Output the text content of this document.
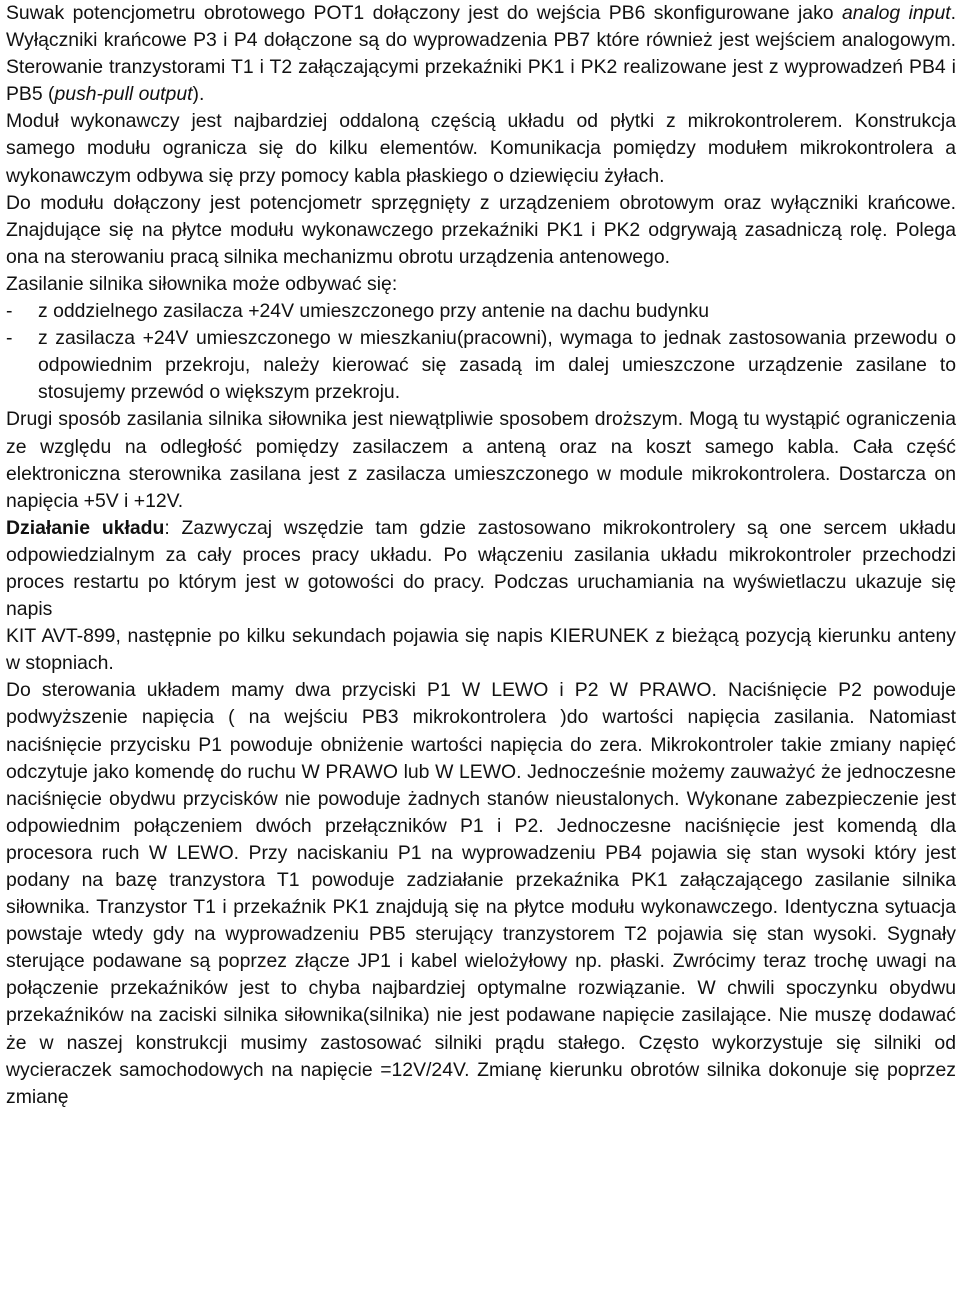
Suwak potencjometru obrotowego POT1 dołączony jest do wejścia PB6 skonfigurowane jako analog input. Wyłączniki krańcowe P3 i P4 dołączone są do wyprowadzenia PB7 które również jest wejściem analogowym. Sterowanie tranzystorami T1 i T2 załączającymi przekaźniki PK1 i PK2 realizowane jest z wyprowadzeń PB4 i PB5 (push-pull output).

Moduł wykonawczy jest najbardziej oddaloną częścią układu od płytki z mikrokontrolerem. Konstrukcja samego modułu ogranicza się do kilku elementów. Komunikacja pomiędzy modułem mikrokontrolera a wykonawczym odbywa się przy pomocy kabla płaskiego o dziewięciu żyłach.

Do modułu dołączony jest potencjometr sprzęgnięty z urządzeniem obrotowym oraz wyłączniki krańcowe. Znajdujące się na płytce modułu wykonawczego przekaźniki PK1 i PK2 odgrywają zasadniczą rolę. Polega ona na sterowaniu pracą silnika mechanizmu obrotu urządzenia antenowego.

Zasilanie silnika siłownika może odbywać się:

- z oddzielnego zasilacza +24V umieszczonego przy antenie na dachu budynku
- z zasilacza +24V umieszczonego w mieszkaniu(pracowni), wymaga to jednak zastosowania przewodu o odpowiednim przekroju, należy kierować się zasadą im dalej umieszczone urządzenie zasilane to stosujemy przewód o większym przekroju.

Drugi sposób zasilania silnika siłownika jest niewątpliwie sposobem droższym. Mogą tu wystąpić ograniczenia ze względu na odległość pomiędzy zasilaczem a anteną oraz na koszt samego kabla. Cała część elektroniczna sterownika zasilana jest z zasilacza umieszczonego w module mikrokontrolera. Dostarcza on napięcia +5V i +12V.

Działanie układu: Zazwyczaj wszędzie tam gdzie zastosowano mikrokontrolery są one sercem układu odpowiedzialnym za cały proces pracy układu. Po włączeniu zasilania układu mikrokontroler przechodzi proces restartu po którym jest w gotowości do pracy. Podczas uruchamiania na wyświetlaczu ukazuje się napis

KIT AVT-899, następnie po kilku sekundach pojawia się napis KIERUNEK z bieżącą pozycją kierunku anteny w stopniach.

Do sterowania układem mamy dwa przyciski P1 W LEWO i P2 W PRAWO. Naciśnięcie P2 powoduje podwyższenie napięcia ( na wejściu PB3 mikrokontrolera )do wartości napięcia zasilania. Natomiast naciśnięcie przycisku P1 powoduje obniżenie wartości napięcia do zera. Mikrokontroler takie zmiany napięć odczytuje jako komendę do ruchu W PRAWO lub W LEWO. Jednocześnie możemy zauważyć że jednoczesne naciśnięcie obydwu przycisków nie powoduje żadnych stanów nieustalonych. Wykonane zabezpieczenie jest odpowiednim połączeniem dwóch przełączników P1 i P2. Jednoczesne naciśnięcie jest komendą dla procesora ruch W LEWO. Przy naciskaniu P1 na wyprowadzeniu PB4 pojawia się stan wysoki który jest podany na bazę tranzystora T1 powoduje zadziałanie przekaźnika PK1 załączającego zasilanie silnika siłownika. Tranzystor T1 i przekaźnik PK1 znajdują się na płytce modułu wykonawczego. Identyczna sytuacja powstaje wtedy gdy na wyprowadzeniu PB5 sterujący tranzystorem T2 pojawia się stan wysoki. Sygnały sterujące podawane są poprzez złącze JP1 i kabel wielożyłowy np. płaski. Zwrócimy teraz trochę uwagi na połączenie przekaźników jest to chyba najbardziej optymalne rozwiązanie. W chwili spoczynku obydwu przekaźników na zaciski silnika siłownika(silnika) nie jest podawane napięcie zasilające. Nie muszę dodawać że w naszej konstrukcji musimy zastosować silniki prądu stałego. Często wykorzystuje się silniki od wycieraczek samochodowych na napięcie =12V/24V. Zmianę kierunku obrotów silnika dokonuje się poprzez zmianę
